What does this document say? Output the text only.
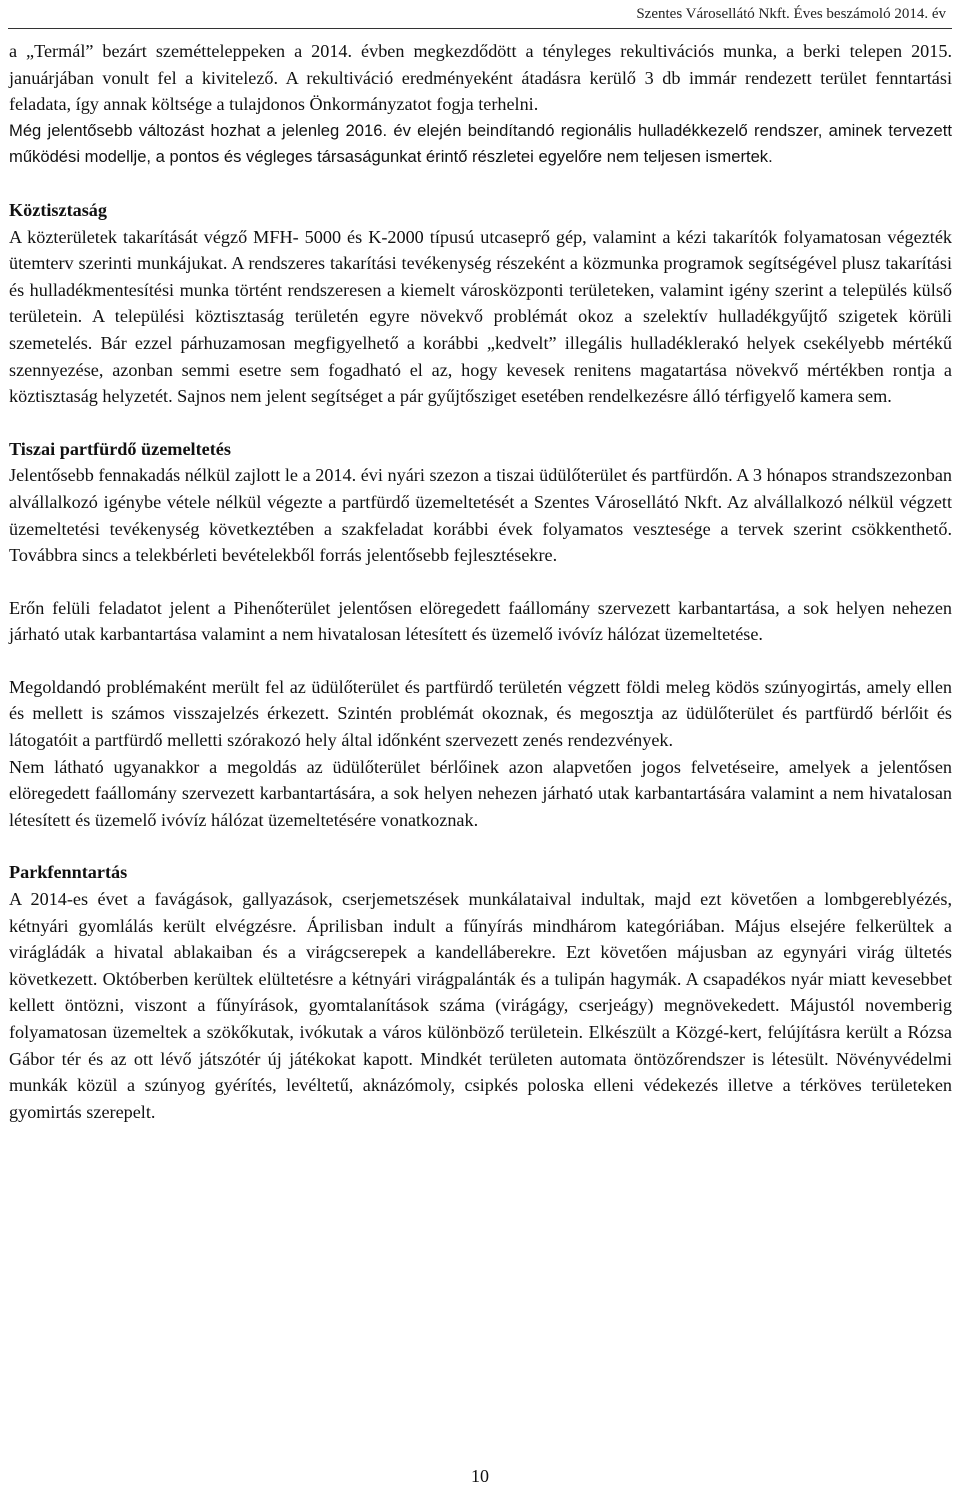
Szentes Városellátó Nkft. Éves beszámoló 2014. év

a „Termál” bezárt szemétteleppeken a 2014. évben megkezdődött a tényleges rekultivációs munka, a berki telepen 2015. januárjában vonult fel a kivitelező. A rekultiváció eredményeként átadásra kerülő 3 db immár rendezett terület fenntartási feladata, így annak költsége a tulajdonos Önkormányzatot fogja terhelni.

Még jelentősebb változást hozhat a jelenleg 2016. év elején beindítandó regionális hulladékkezelő rendszer, aminek tervezett működési modellje, a pontos és végleges társaságunkat érintő részletei egyelőre nem teljesen ismertek.

Köztisztaság

A közterületek takarítását végző MFH- 5000 és K-2000 típusú utcaseprő gép, valamint a kézi takarítók folyamatosan végezték ütemterv szerinti munkájukat. A rendszeres takarítási tevékenység részeként a közmunka programok segítségével plusz takarítási és hulladékmentesítési munka történt rendszeresen a kiemelt városközponti területeken, valamint igény szerint a település külső területein. A települési köztisztaság területén egyre növekvő problémát okoz a szelektív hulladékgyűjtő szigetek körüli szemetelés. Bár ezzel párhuzamosan megfigyelhető a korábbi „kedvelt” illegális hulladéklerakó helyek csekélyebb mértékű szennyezése, azonban semmi esetre sem fogadható el az, hogy kevesek renitens magatartása növekvő mértékben rontja a köztisztaság helyzetét. Sajnos nem jelent segítséget a pár gyűjtősziget esetében rendelkezésre álló térfigyelő kamera sem.

Tiszai partfürdő üzemeltetés

Jelentősebb fennakadás nélkül zajlott le a 2014. évi nyári szezon a tiszai üdülőterület és partfürdőn. A 3 hónapos strandszezonban alvállalkozó igénybe vétele nélkül végezte a partfürdő üzemeltetését a Szentes Városellátó Nkft. Az alvállalkozó nélkül végzett üzemeltetési tevékenység következtében a szakfeladat korábbi évek folyamatos vesztesége a tervek szerint csökkenthető. Továbbra sincs a telekbérleti bevételekből forrás jelentősebb fejlesztésekre.

Erőn felüli feladatot jelent a Pihenőterület jelentősen elöregedett faállomány szervezett karbantartása, a sok helyen nehezen járható utak karbantartása valamint a nem hivatalosan létesített és üzemelő ivóvíz hálózat üzemeltetése.

Megoldandó problémaként merült fel az üdülőterület és partfürdő területén végzett földi meleg ködös szúnyogirtás, amely ellen és mellett is számos visszajelzés érkezett. Szintén problémát okoznak, és megosztja az üdülőterület és partfürdő bérlőit és látogatóit a partfürdő melletti szórakozó hely által időnként szervezett zenés rendezvények.

Nem látható ugyanakkor a megoldás az üdülőterület bérlőinek azon alapvetően jogos felvetéseire, amelyek a jelentősen elöregedett faállomány szervezett karbantartására, a sok helyen nehezen járható utak karbantartására valamint a nem hivatalosan létesített és üzemelő ivóvíz hálózat üzemeltetésére vonatkoznak.

Parkfenntartás

A 2014-es évet a favágások, gallyazások, cserjemetszések munkálataival indultak, majd ezt követően a lombgereblyézés, kétnyári gyomlálás került elvégzésre. Áprilisban indult a fűnyírás mindhárom kategóriában. Május elsejére felkerültek a virágládák a hivatal ablakaiban és a virágcserepek a kandelláberekre. Ezt követően májusban az egynyári virág ültetés következett. Októberben kerültek elültetésre a kétnyári virágpalánták és a tulipán hagymák. A csapadékos nyár miatt kevesebbet kellett öntözni, viszont a fűnyírások, gyomtalanítások száma (virágágy, cserjeágy) megnövekedett. Májustól novemberig folyamatosan üzemeltek a szökőkutak, ivókutak a város különböző területein. Elkészült a Közgé-kert, felújításra került a Rózsa Gábor tér és az ott lévő játszótér új játékokat kapott. Mindkét területen automata öntözőrendszer is létesült. Növényvédelmi munkák közül a szúnyog gyérítés, levéltetű, aknázómoly, csipkés poloska elleni védekezés illetve a térköves területeken gyomirtás szerepelt.

10
